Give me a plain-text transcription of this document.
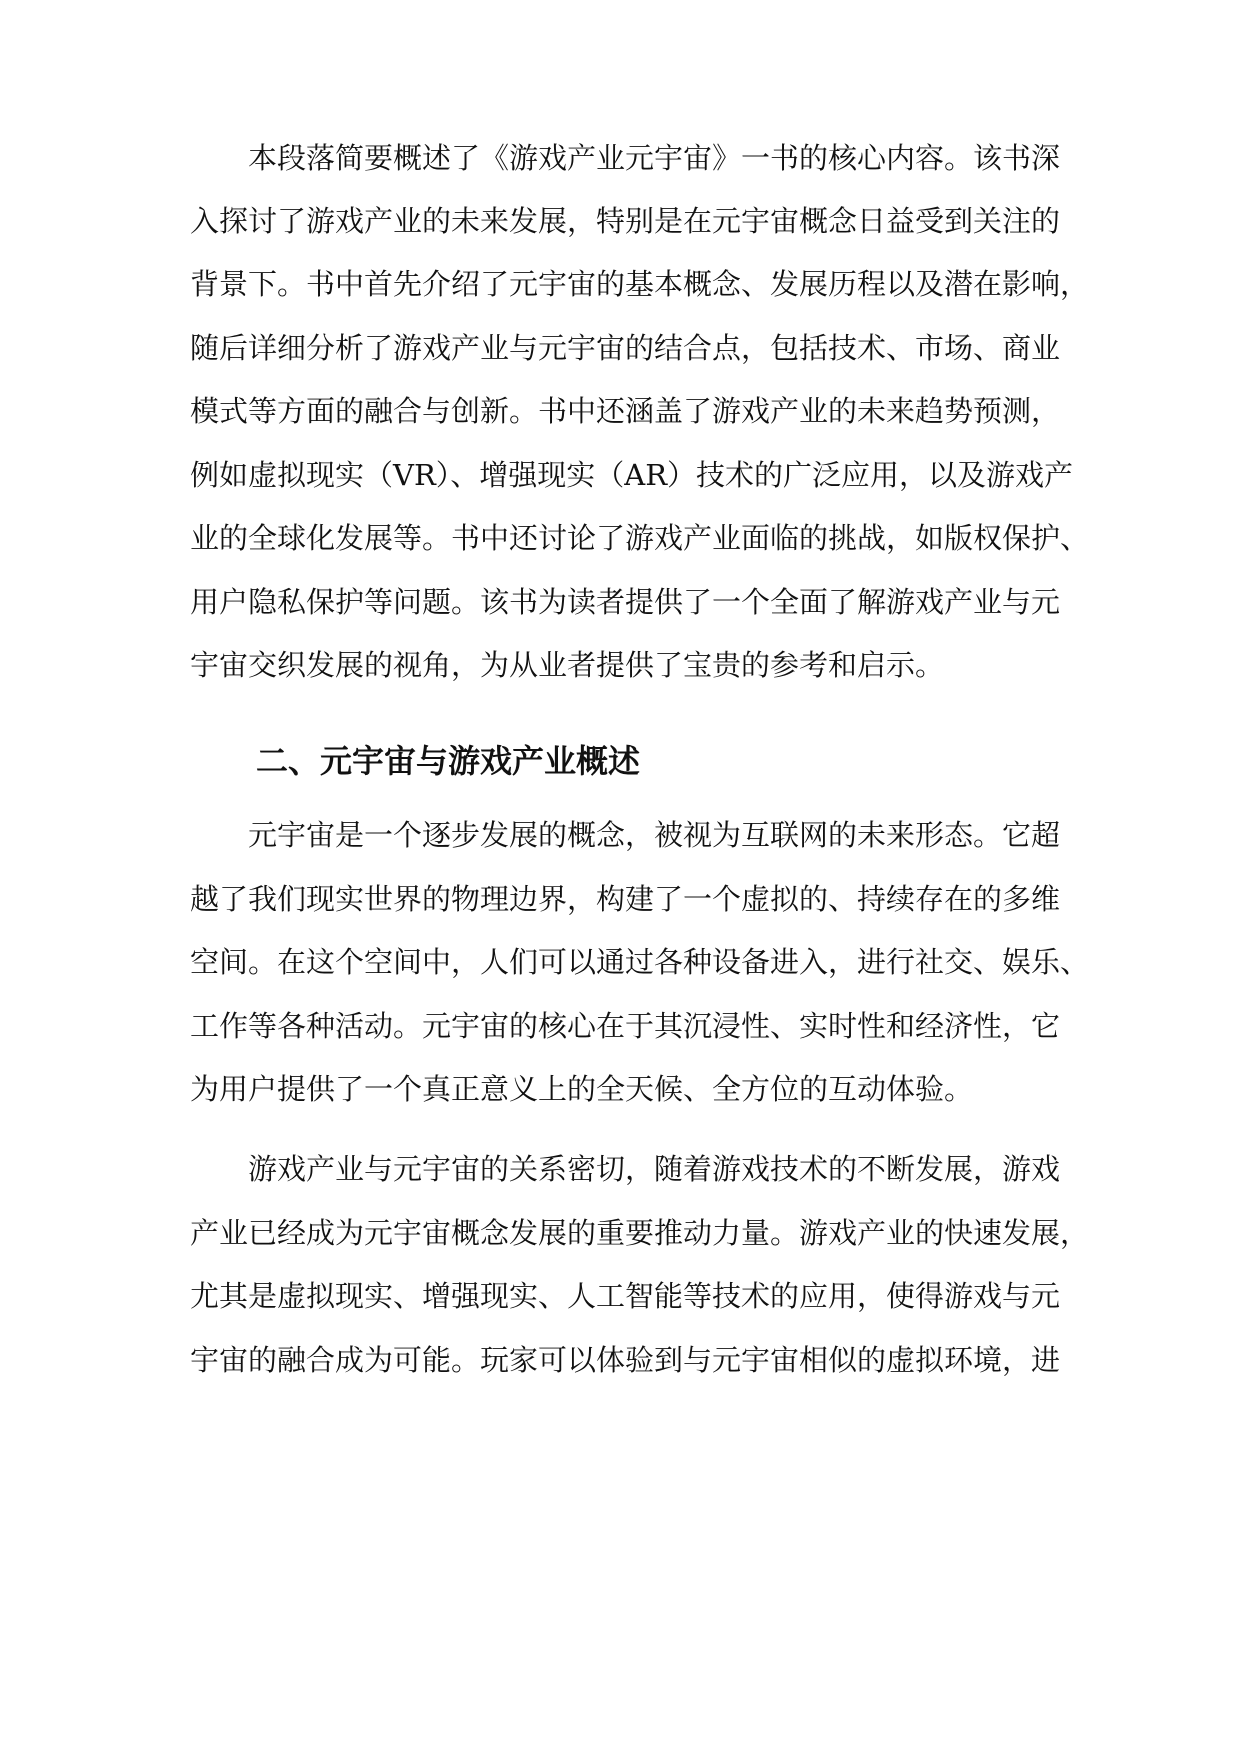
本段落简要概述了《游戏产业元宇宙》一书的核心内容。该书深
入探讨了游戏产业的未来发展，特别是在元宇宙概念日益受到关注的
背景下。书中首先介绍了元宇宙的基本概念、发展历程以及潜在影响，
随后详细分析了游戏产业与元宇宙的结合点，包括技术、市场、商业
模式等方面的融合与创新。书中还涵盖了游戏产业的未来趋势预测，
例如虚拟现实（VR）、增强现实（AR）技术的广泛应用，以及游戏产
业的全球化发展等。书中还讨论了游戏产业面临的挑战，如版权保护、
用户隐私保护等问题。该书为读者提供了一个全面了解游戏产业与元
宇宙交织发展的视角，为从业者提供了宝贵的参考和启示。
二、元宇宙与游戏产业概述
元宇宙是一个逐步发展的概念，被视为互联网的未来形态。它超
越了我们现实世界的物理边界，构建了一个虚拟的、持续存在的多维
空间。在这个空间中，人们可以通过各种设备进入，进行社交、娱乐、
工作等各种活动。元宇宙的核心在于其沉浸性、实时性和经济性，它
为用户提供了一个真正意义上的全天候、全方位的互动体验。
游戏产业与元宇宙的关系密切，随着游戏技术的不断发展，游戏
产业已经成为元宇宙概念发展的重要推动力量。游戏产业的快速发展，
尤其是虚拟现实、增强现实、人工智能等技术的应用，使得游戏与元
宇宙的融合成为可能。玩家可以体验到与元宇宙相似的虚拟环境，进
